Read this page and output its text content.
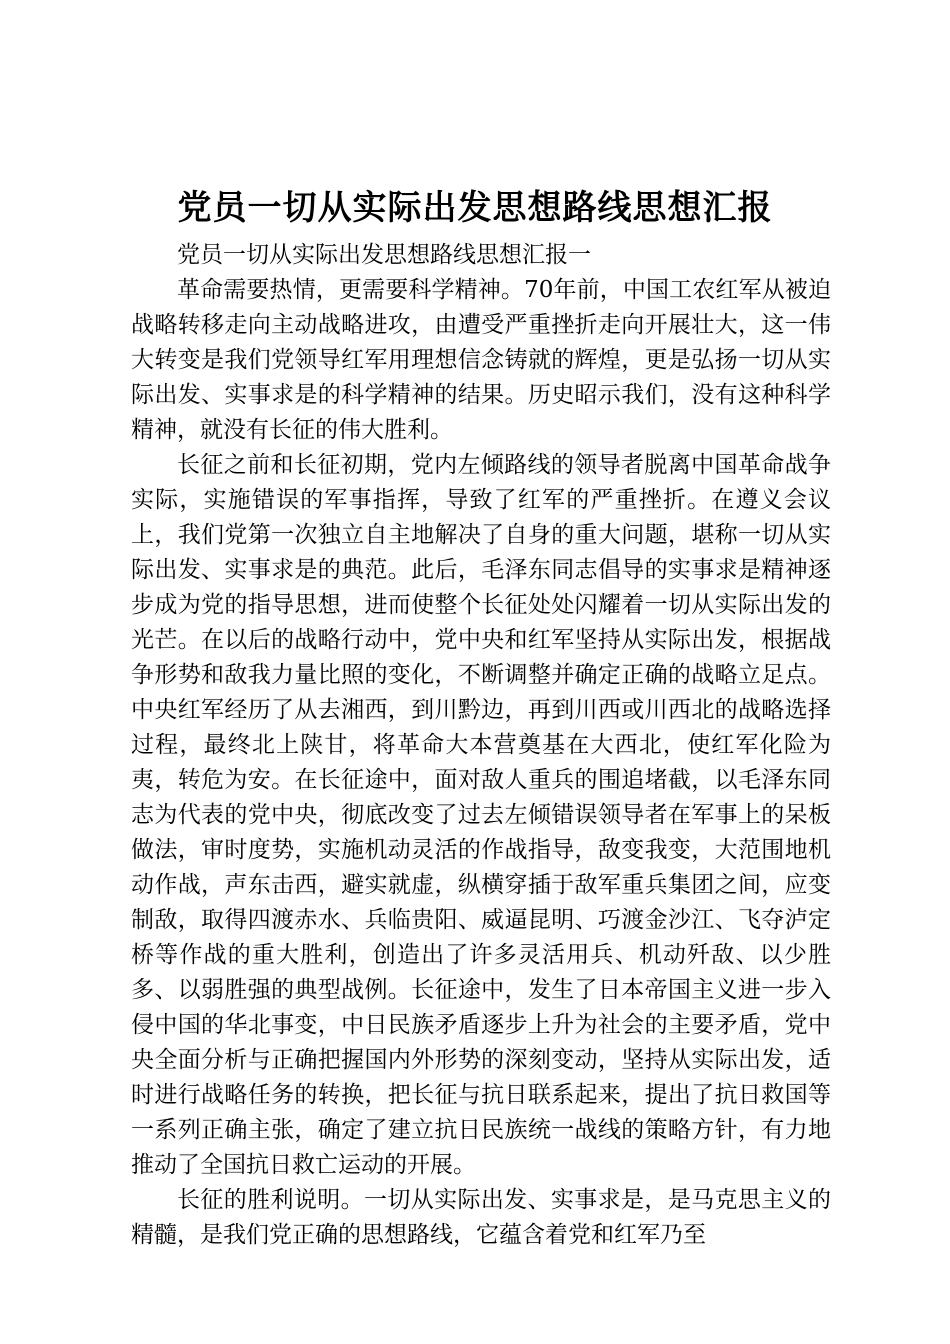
党员一切从实际出发思想路线思想汇报

党员一切从实际出发思想路线思想汇报一

革命需要热情，更需要科学精神。70年前，中国工农红军从被迫战略转移走向主动战略进攻，由遭受严重挫折走向开展壮大，这一伟大转变是我们党领导红军用理想信念铸就的辉煌，更是弘扬一切从实际出发、实事求是的科学精神的结果。历史昭示我们，没有这种科学精神，就没有长征的伟大胜利。

长征之前和长征初期，党内左倾路线的领导者脱离中国革命战争实际，实施错误的军事指挥，导致了红军的严重挫折。在遵义会议上，我们党第一次独立自主地解决了自身的重大问题，堪称一切从实际出发、实事求是的典范。此后，毛泽东同志倡导的实事求是精神逐步成为党的指导思想，进而使整个长征处处闪耀着一切从实际出发的光芒。在以后的战略行动中，党中央和红军坚持从实际出发，根据战争形势和敌我力量比照的变化，不断调整并确定正确的战略立足点。中央红军经历了从去湘西，到川黔边，再到川西或川西北的战略选择过程，最终北上陕甘，将革命大本营奠基在大西北，使红军化险为夷，转危为安。在长征途中，面对敌人重兵的围追堵截，以毛泽东同志为代表的党中央，彻底改变了过去左倾错误领导者在军事上的呆板做法，审时度势，实施机动灵活的作战指导，敌变我变，大范围地机动作战，声东击西，避实就虚，纵横穿插于敌军重兵集团之间，应变制敌，取得四渡赤水、兵临贵阳、威逼昆明、巧渡金沙江、飞夺泸定桥等作战的重大胜利，创造出了许多灵活用兵、机动歼敌、以少胜多、以弱胜强的典型战例。长征途中，发生了日本帝国主义进一步入侵中国的华北事变，中日民族矛盾逐步上升为社会的主要矛盾，党中央全面分析与正确把握国内外形势的深刻变动，坚持从实际出发，适时进行战略任务的转换，把长征与抗日联系起来，提出了抗日救国等一系列正确主张，确定了建立抗日民族统一战线的策略方针，有力地推动了全国抗日救亡运动的开展。

长征的胜利说明。一切从实际出发、实事求是，是马克思主义的精髓，是我们党正确的思想路线，它蕴含着党和红军乃至
